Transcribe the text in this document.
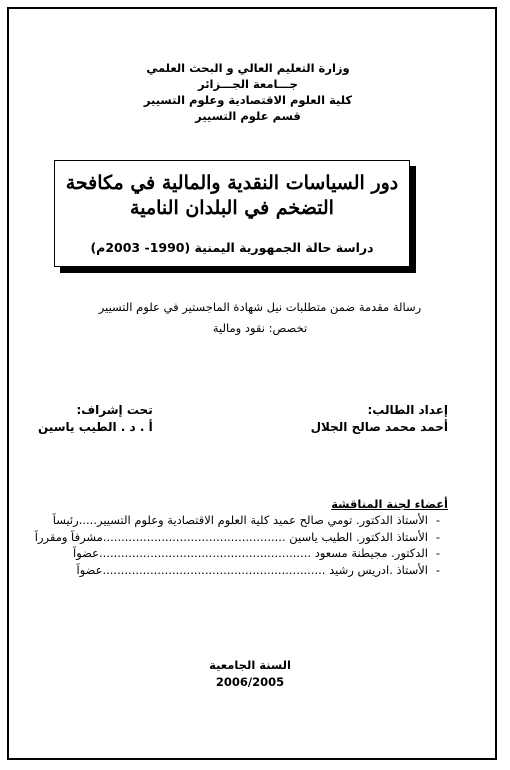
وزارة التعليم العالي و البحث العلمي
جـــامعة الجـــزائر
كلية العلوم الاقتصادية وعلوم التسيير
قسم علوم التسيير
دور السياسات النقدية والمالية في مكافحة
التضخم في البلدان النامية
دراسة حالة الجمهورية اليمنية (1990- 2003م)
رسالة مقدمة ضمن متطلبات نيل شهادة الماجستير في علوم التسيير
تخصص: نقود ومالية
إعداد الطالب:
أحمد محمد صالح الجلال
تحت إشراف:
أ . د . الطيب ياسين
أعضاء لجنة المناقشة
-
الأستاذ الدكتور. تومي صالح عميد كلية العلوم الاقتصادية وعلوم التسيير.....رئيساً
-
الأستاذ الدكتور. الطيب ياسين ..................................................مشرفاً ومقرراً
-
الدكتور. مجيطنة مسعود ..........................................................عضواً
-
الأستاذ .ادريس رشيد .............................................................عضواً
السنة الجامعية
2006/2005
